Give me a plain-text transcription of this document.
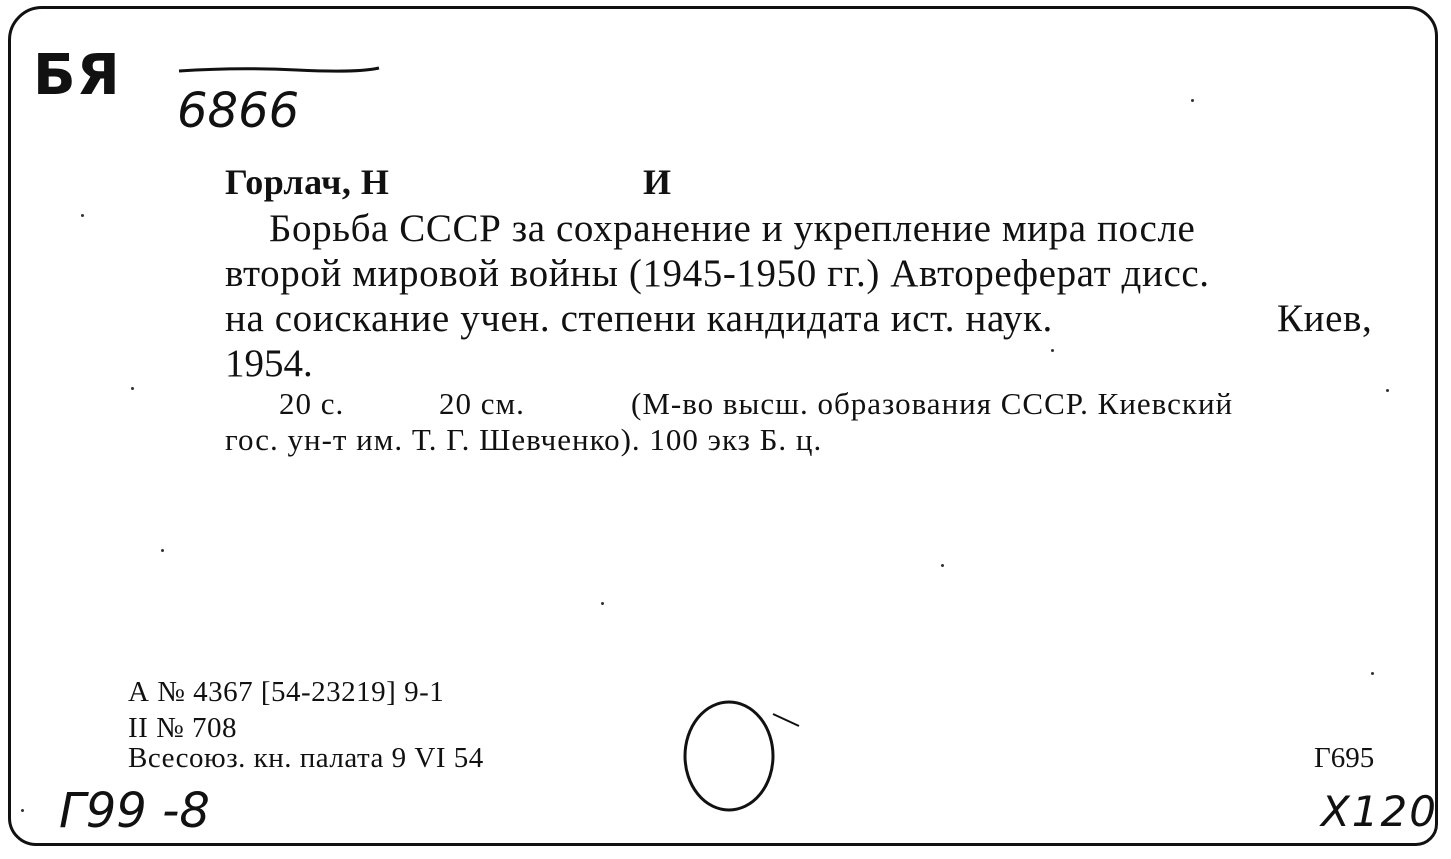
БЯ
6866

Горлач, Н	И

Борьба СССР за сохранение и укрепление мира после

второй мировой войны (1945-1950 гг.) Автореферат дисс.

на соискание учен. степени кандидата ист. наук.	Киев,

1954.

20 с.	20 см.	(М-во высш. образования СССР. Киевский

гос. ун-т им. Т. Г. Шевченко). 100 экз Б. ц.

А № 4367 [54-23219] 9-1

II № 708

Всесоюз. кн. палата 9 VI 54	Г695

Г99 -8	Х120
